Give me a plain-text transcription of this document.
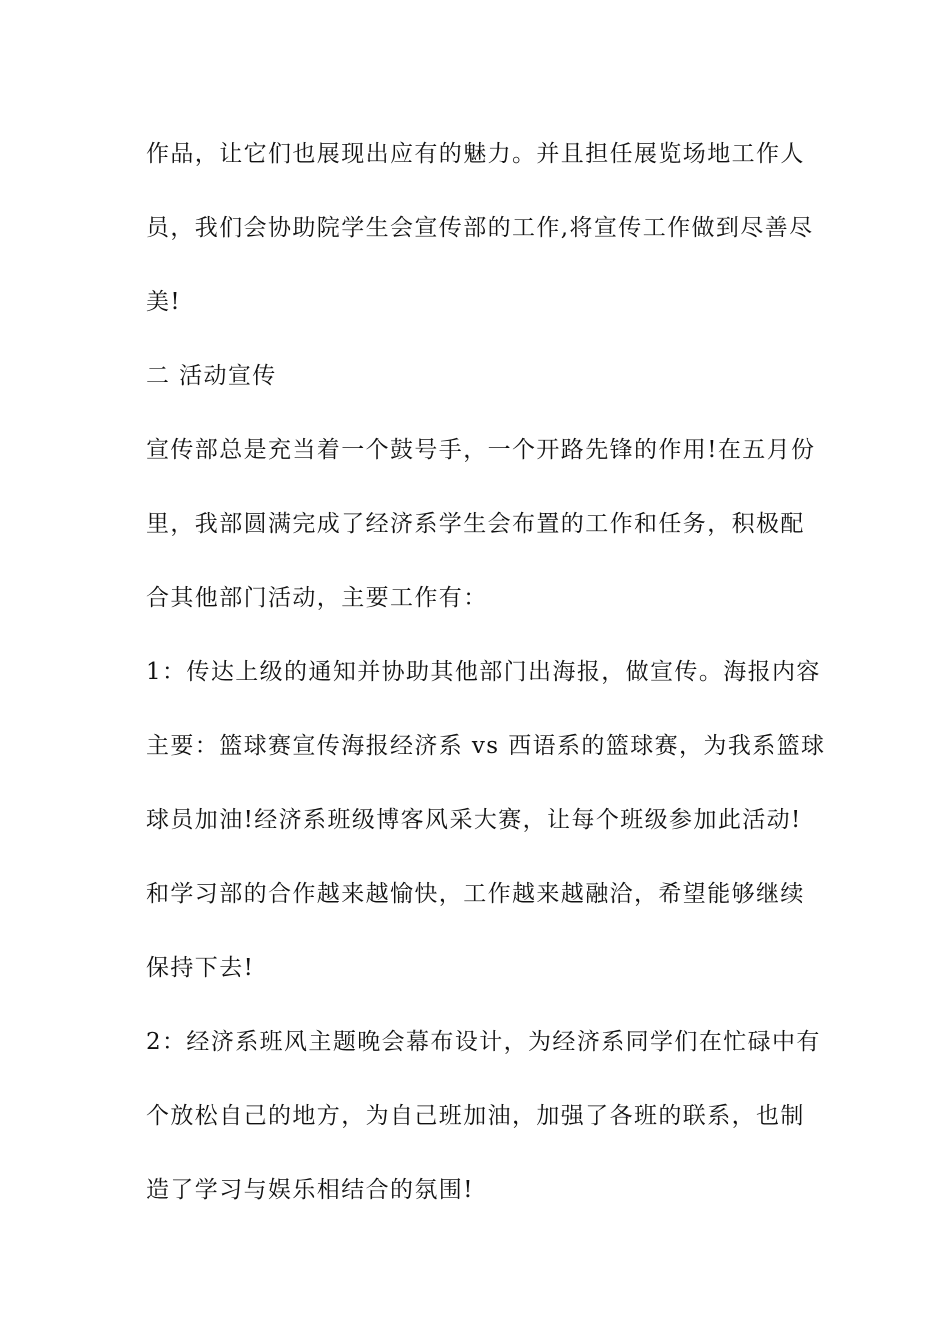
作品，让它们也展现出应有的魅力。并且担任展览场地工作人
员，我们会协助院学生会宣传部的工作,将宣传工作做到尽善尽
美!
二 活动宣传
宣传部总是充当着一个鼓号手，一个开路先锋的作用!在五月份
里，我部圆满完成了经济系学生会布置的工作和任务，积极配
合其他部门活动，主要工作有：
1：传达上级的通知并协助其他部门出海报，做宣传。海报内容
主要：篮球赛宣传海报经济系 vs 西语系的篮球赛，为我系篮球
球员加油!经济系班级博客风采大赛，让每个班级参加此活动!
和学习部的合作越来越愉快，工作越来越融洽，希望能够继续
保持下去!
2：经济系班风主题晚会幕布设计，为经济系同学们在忙碌中有
个放松自己的地方，为自己班加油，加强了各班的联系，也制
造了学习与娱乐相结合的氛围!
